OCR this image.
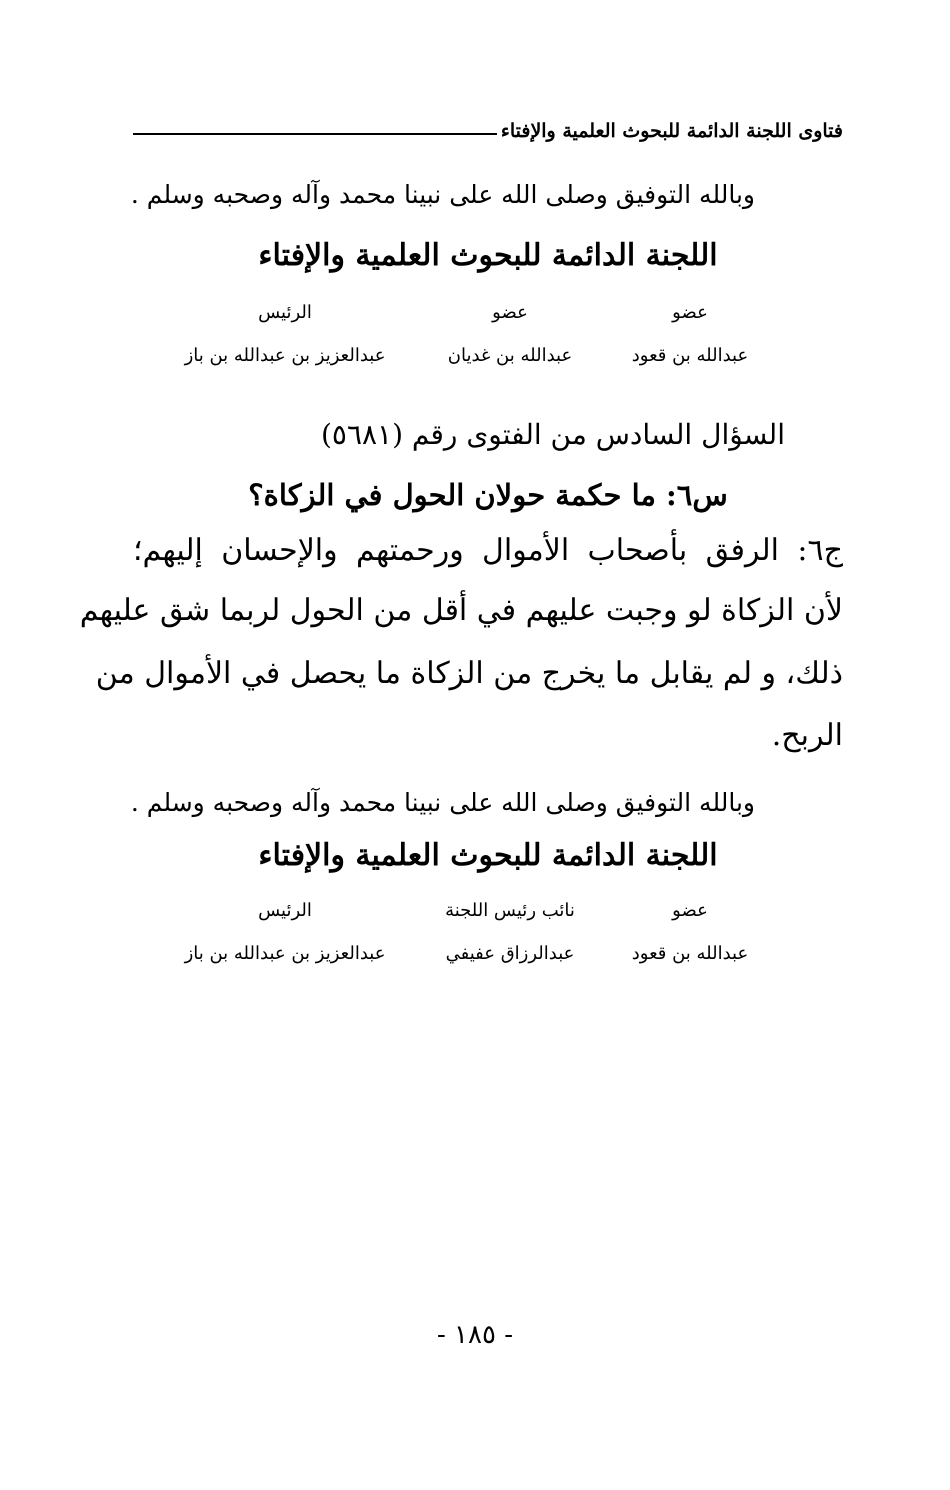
فتاوى اللجنة الدائمة للبحوث العلمية والإفتاء
وبالله التوفيق وصلى الله على نبينا محمد وآله وصحبه وسلم .
اللجنة الدائمة للبحوث العلمية والإفتاء
عضو
عضو
الرئيس
عبدالله بن قعود
عبدالله بن غديان
عبدالعزيز بن عبدالله بن باز
السؤال السادس من الفتوى رقم (٥٦٨١)
س٦: ما حكمة حولان الحول في الزكاة؟
ج٦: الرفق بأصحاب الأموال ورحمتهم والإحسان إليهم؛
لأن الزكاة لو وجبت عليهم في أقل من الحول لربما شق عليهم
ذلك، و لم يقابل ما يخرج من الزكاة ما يحصل في الأموال من
الربح.
وبالله التوفيق وصلى الله على نبينا محمد وآله وصحبه وسلم .
اللجنة الدائمة للبحوث العلمية والإفتاء
عضو
نائب رئيس اللجنة
الرئيس
عبدالله بن قعود
عبدالرزاق عفيفي
عبدالعزيز بن عبدالله بن باز
- ١٨٥ -
